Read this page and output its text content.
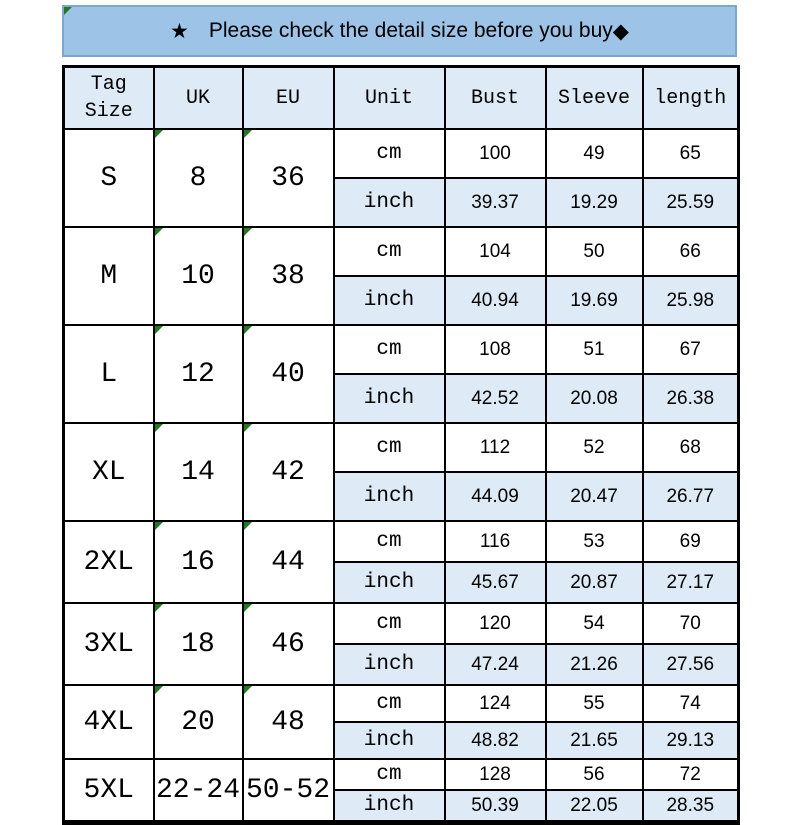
★ Please check the detail size before you buy ◆
Tag Size	UK	EU	Unit	Bust	Sleeve	length
S	8	36	cm	100	49	65
			inch	39.37	19.29	25.59
M	10	38	cm	104	50	66
			inch	40.94	19.69	25.98
L	12	40	cm	108	51	67
			inch	42.52	20.08	26.38
XL	14	42	cm	112	52	68
			inch	44.09	20.47	26.77
2XL	16	44	cm	116	53	69
			inch	45.67	20.87	27.17
3XL	18	46	cm	120	54	70
			inch	47.24	21.26	27.56
4XL	20	48	cm	124	55	74
			inch	48.82	21.65	29.13
5XL	22-24	50-52	cm	128	56	72
			inch	50.39	22.05	28.35
